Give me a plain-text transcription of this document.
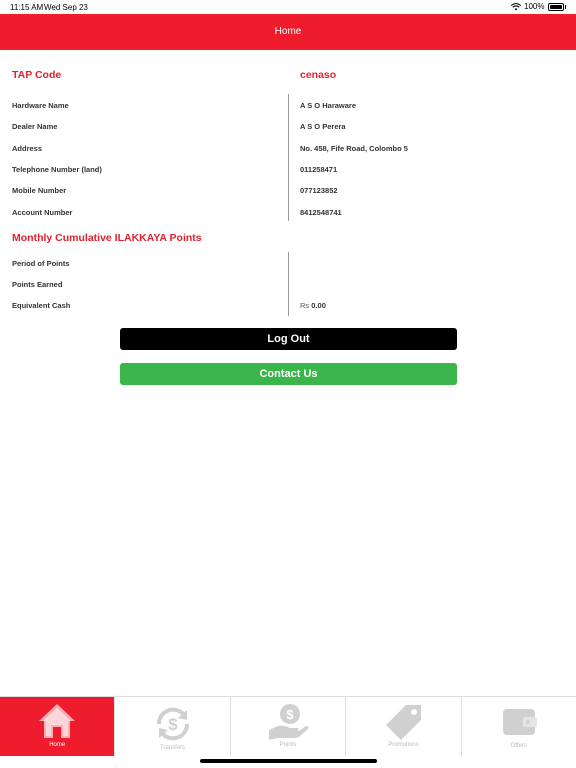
11:15 AM Wed Sep 23	100%
Home
TAP Code	cenaso
Hardware Name	A S O Haraware
Dealer Name	A S O Perera
Address	No. 458, Fife Road, Colombo 5
Telephone Number (land)	011258471
Mobile Number	077123852
Account Number	8412548741
Monthly Cumulative ILAKKAYA Points
Period of Points
Points Earned
Equivalent Cash	Rs 0.00
Log Out
Contact Us
Home
$
Transfers
$
Points	Promotions	Offers
